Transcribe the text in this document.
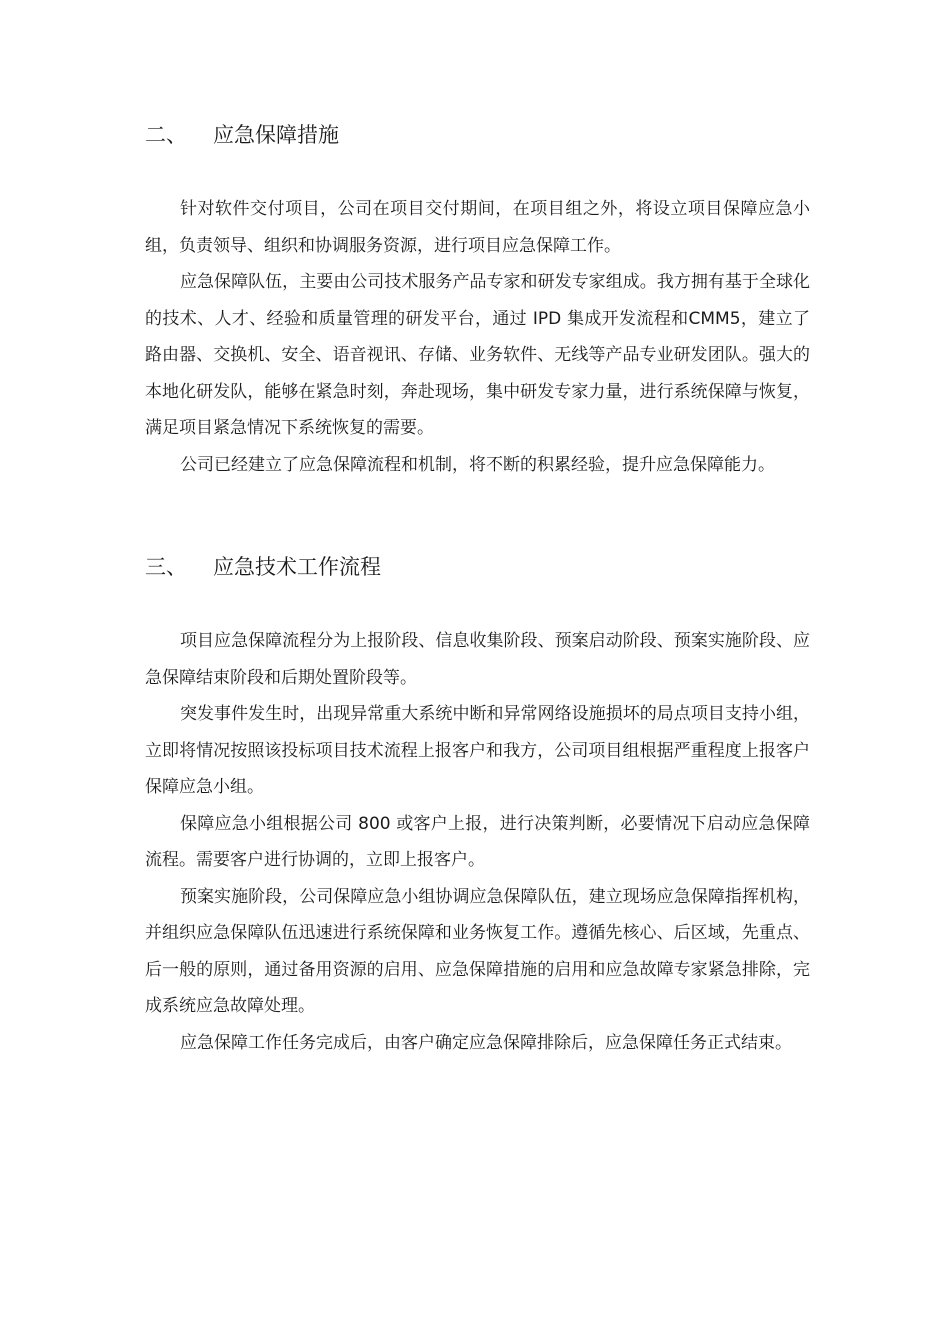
二、	应急保障措施

针对软件交付项目，公司在项目交付期间，在项目组之外，将设立项目保障应急小组，负责领导、组织和协调服务资源，进行项目应急保障工作。

应急保障队伍，主要由公司技术服务产品专家和研发专家组成。我方拥有基于全球化的技术、人才、经验和质量管理的研发平台，通过 IPD 集成开发流程和CMM5，建立了路由器、交换机、安全、语音视讯、存储、业务软件、无线等产品专业研发团队。强大的本地化研发队，能够在紧急时刻，奔赴现场，集中研发专家力量，进行系统保障与恢复，满足项目紧急情况下系统恢复的需要。

公司已经建立了应急保障流程和机制，将不断的积累经验，提升应急保障能力。

三、	应急技术工作流程

项目应急保障流程分为上报阶段、信息收集阶段、预案启动阶段、预案实施阶段、应急保障结束阶段和后期处置阶段等。

突发事件发生时，出现异常重大系统中断和异常网络设施损坏的局点项目支持小组，立即将情况按照该投标项目技术流程上报客户和我方，公司项目组根据严重程度上报客户保障应急小组。

保障应急小组根据公司 800 或客户上报，进行决策判断，必要情况下启动应急保障流程。需要客户进行协调的，立即上报客户。

预案实施阶段，公司保障应急小组协调应急保障队伍，建立现场应急保障指挥机构，并组织应急保障队伍迅速进行系统保障和业务恢复工作。遵循先核心、后区域，先重点、后一般的原则，通过备用资源的启用、应急保障措施的启用和应急故障专家紧急排除，完成系统应急故障处理。

应急保障工作任务完成后，由客户确定应急保障排除后，应急保障任务正式结束。
